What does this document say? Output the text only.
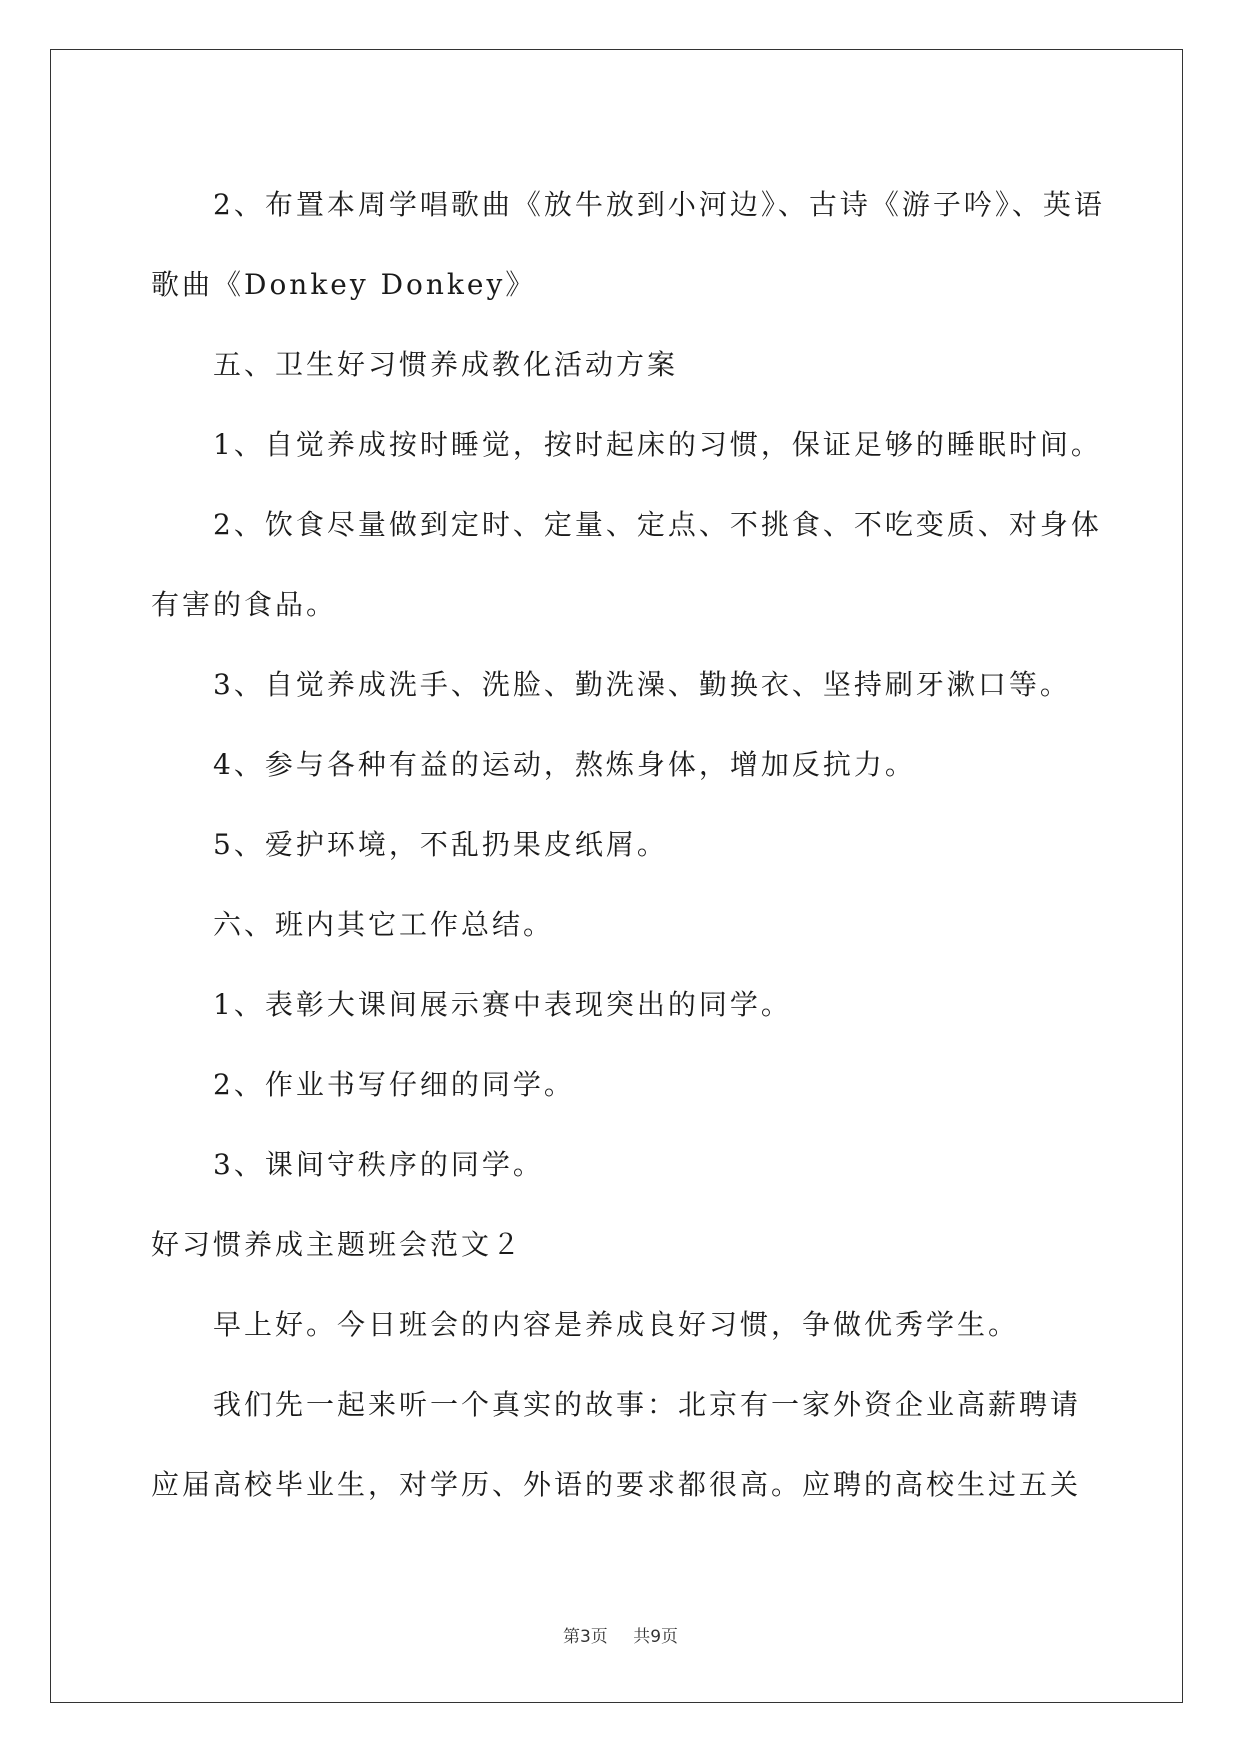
2、布置本周学唱歌曲《放牛放到小河边》、古诗《游子吟》、英语
歌曲《Donkey Donkey》

五、卫生好习惯养成教化活动方案

1、自觉养成按时睡觉，按时起床的习惯，保证足够的睡眠时间。

2、饮食尽量做到定时、定量、定点、不挑食、不吃变质、对身体
有害的食品。

3、自觉养成洗手、洗脸、勤洗澡、勤换衣、坚持刷牙漱口等。

4、参与各种有益的运动，熬炼身体，增加反抗力。

5、爱护环境，不乱扔果皮纸屑。

六、班内其它工作总结。

1、表彰大课间展示赛中表现突出的同学。

2、作业书写仔细的同学。

3、课间守秩序的同学。

好习惯养成主题班会范文２

早上好。今日班会的内容是养成良好习惯，争做优秀学生。

我们先一起来听一个真实的故事：北京有一家外资企业高薪聘请
应届高校毕业生，对学历、外语的要求都很高。应聘的高校生过五关

第3页 共9页
